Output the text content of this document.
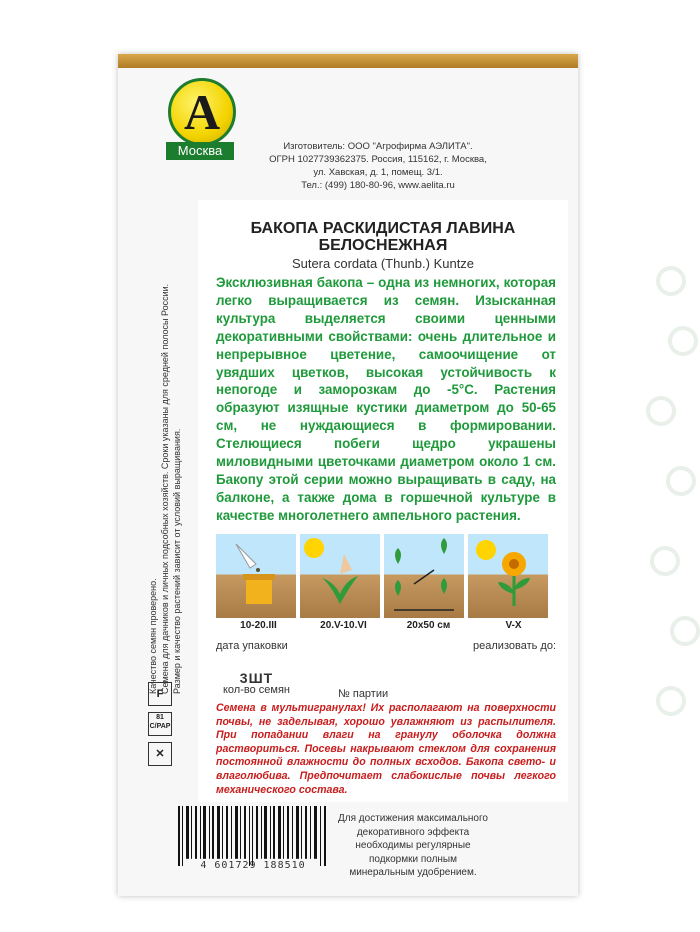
А
Москва	Изготовитель: ООО "Агрофирма АЭЛИТА".
ОГРН 1027739362375. Россия, 115162, г. Москва,
ул. Хавская, д. 1, помещ. 3/1.
Тел.: (499) 180-80-96, www.aelita.ru
Качество семян проверено. Семена для дачников и личных подсобных хозяйств. Сроки указаны для средней полосы России. Размер и качество растений зависит от условий выращивания.
БАКОПА РАСКИДИСТАЯ ЛАВИНА
БЕЛОСНЕЖНАЯ
Sutera cordata (Thunb.) Kuntze
Эксклюзивная бакопа – одна из немногих, которая легко выращивается из семян. Изысканная культура выделяется своими ценными декоративными свойствами: очень длительное и непрерывное цветение, самоочищение от увядших цветков, высокая устойчивость к непогоде и заморозкам до -5°С. Растения образуют изящные кустики диаметром до 50-65 см, не нуждающиеся в формировании. Стелющиеся побеги щедро украшены миловидными цветочками диаметром около 1 см. Бакопу этой серии можно выращивать в саду, на балконе, а также дома в горшечной культуре в качестве многолетнего ампельного растения.
10-20.III	20.V-10.VI	20x50 см	V-X
дата упаковки	реализовать до:
3ШТ
кол-во семян	№ партии
Семена в мультигранулах! Их располагают на поверхности почвы, не заделывая, хорошо увлажняют из распылителя. При попадании влаги на гранулу оболочка должна раствориться. Посевы накрывают стеклом для сохранения постоянной влажности до полных всходов. Бакопа свето- и влаголюбива. Предпочитает слабокислые почвы легкого механического состава.
F
81 C/PAP
✕
4 601729 188510
Для достижения максимального декоративного эффекта необходимы регулярные подкормки полным минеральным удобрением.
